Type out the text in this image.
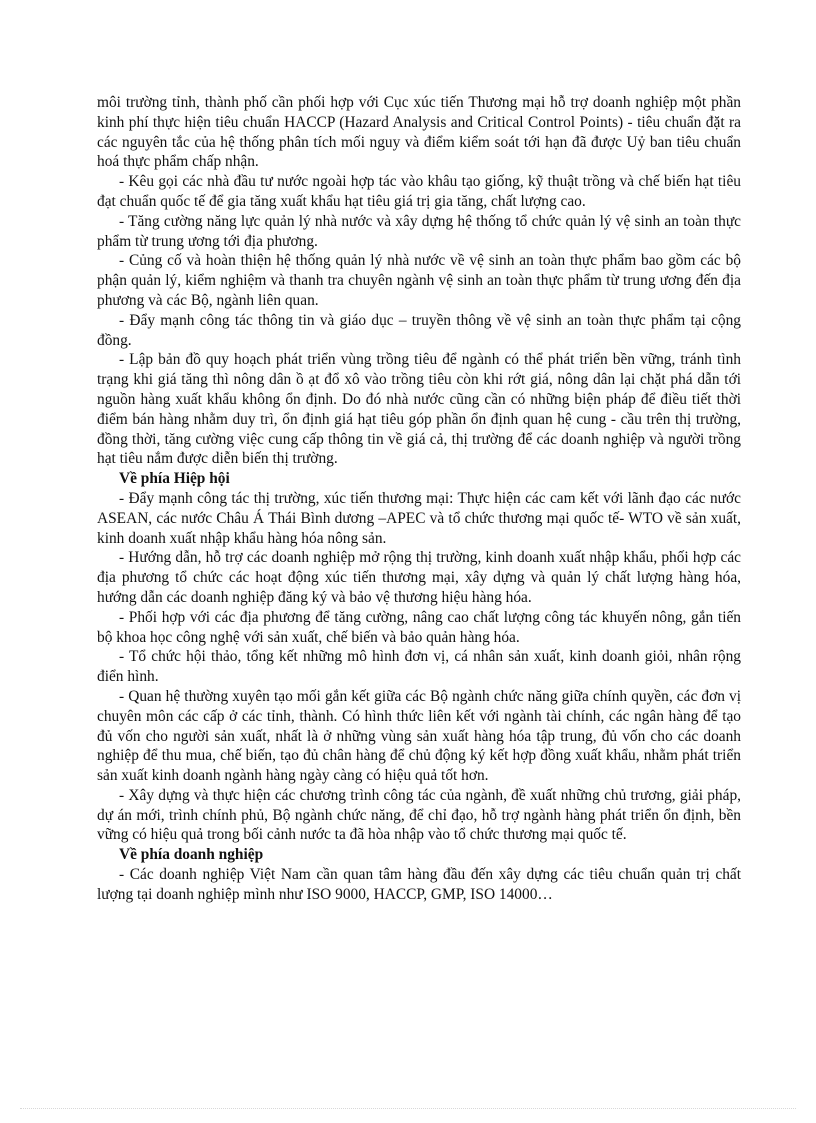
môi trường tỉnh, thành phố cần phối hợp với Cục xúc tiến Thương mại hỗ trợ doanh nghiệp một phần kinh phí thực hiện tiêu chuẩn HACCP (Hazard Analysis and Critical Control Points) - tiêu chuẩn đặt ra các nguyên tắc của hệ thống phân tích mối nguy và điểm kiểm soát tới hạn đã được Uỷ ban tiêu chuẩn hoá thực phẩm chấp nhận.

- Kêu gọi các nhà đầu tư nước ngoài hợp tác vào khâu tạo giống, kỹ thuật trồng và chế biến hạt tiêu đạt chuẩn quốc tế để gia tăng xuất khẩu hạt tiêu giá trị gia tăng, chất lượng cao.

- Tăng cường năng lực quản lý nhà nước và xây dựng hệ thống tổ chức quản lý vệ sinh an toàn thực phẩm từ trung ương tới địa phương.

- Củng cố và hoàn thiện hệ thống quản lý nhà nước về vệ sinh an toàn thực phẩm bao gồm các bộ phận quản lý, kiểm nghiệm và thanh tra chuyên ngành vệ sinh an toàn thực phẩm từ trung ương đến địa phương và các Bộ, ngành liên quan.

- Đẩy mạnh công tác thông tin và giáo dục – truyền thông về vệ sinh an toàn thực phẩm tại cộng đồng.

- Lập bản đồ quy hoạch phát triển vùng trồng tiêu để ngành có thể phát triển bền vững, tránh tình trạng khi giá tăng thì nông dân ồ ạt đổ xô vào trồng tiêu còn khi rớt giá, nông dân lại chặt phá dẫn tới nguồn hàng xuất khẩu không ổn định. Do đó nhà nước cũng cần có những biện pháp để điều tiết thời điểm bán hàng nhằm duy trì, ổn định giá hạt tiêu góp phần ổn định quan hệ cung - cầu trên thị trường, đồng thời, tăng cường việc cung cấp thông tin về giá cả, thị trường để các doanh nghiệp và người trồng hạt tiêu nắm được diễn biến thị trường.

Về phía Hiệp hội

- Đẩy mạnh công tác thị trường, xúc tiến thương mại: Thực hiện các cam kết với lãnh đạo các nước ASEAN, các nước Châu Á Thái Bình dương –APEC và tổ chức thương mại quốc tế- WTO về sản xuất, kinh doanh xuất nhập khẩu hàng hóa nông sản.

- Hướng dẫn, hỗ trợ các doanh nghiệp mở rộng thị trường, kinh doanh xuất nhập khẩu, phối hợp các địa phương tổ chức các hoạt động xúc tiến thương mại, xây dựng và quản lý chất lượng hàng hóa, hướng dẫn các doanh nghiệp đăng ký và bảo vệ thương hiệu hàng hóa.

- Phối hợp với các địa phương để tăng cường, nâng cao chất lượng công tác khuyến nông, gắn tiến bộ khoa học công nghệ với sản xuất, chế biến và bảo quản hàng hóa.

- Tổ chức hội thảo, tổng kết những mô hình đơn vị, cá nhân sản xuất, kinh doanh giỏi, nhân rộng điển hình.

- Quan hệ thường xuyên tạo mối gắn kết giữa các Bộ ngành chức năng giữa chính quyền, các đơn vị chuyên môn các cấp ở các tỉnh, thành. Có hình thức liên kết với ngành tài chính, các ngân hàng để tạo đủ vốn cho người sản xuất, nhất là ở những vùng sản xuất hàng hóa tập trung, đủ vốn cho các doanh nghiệp để thu mua, chế biến, tạo đủ chân hàng để chủ động ký kết hợp đồng xuất khẩu, nhằm phát triển sản xuất kinh doanh ngành hàng ngày càng có hiệu quả tốt hơn.

- Xây dựng và thực hiện các chương trình công tác của ngành, đề xuất những chủ trương, giải pháp, dự án mới, trình chính phủ, Bộ ngành chức năng, để chỉ đạo, hỗ trợ ngành hàng phát triển ổn định, bền vững có hiệu quả trong bối cảnh nước ta đã hòa nhập vào tổ chức thương mại quốc tế.

Về phía doanh nghiệp

- Các doanh nghiệp Việt Nam cần quan tâm hàng đầu đến xây dựng các tiêu chuẩn quản trị chất lượng tại doanh nghiệp mình như ISO 9000, HACCP, GMP, ISO 14000…
